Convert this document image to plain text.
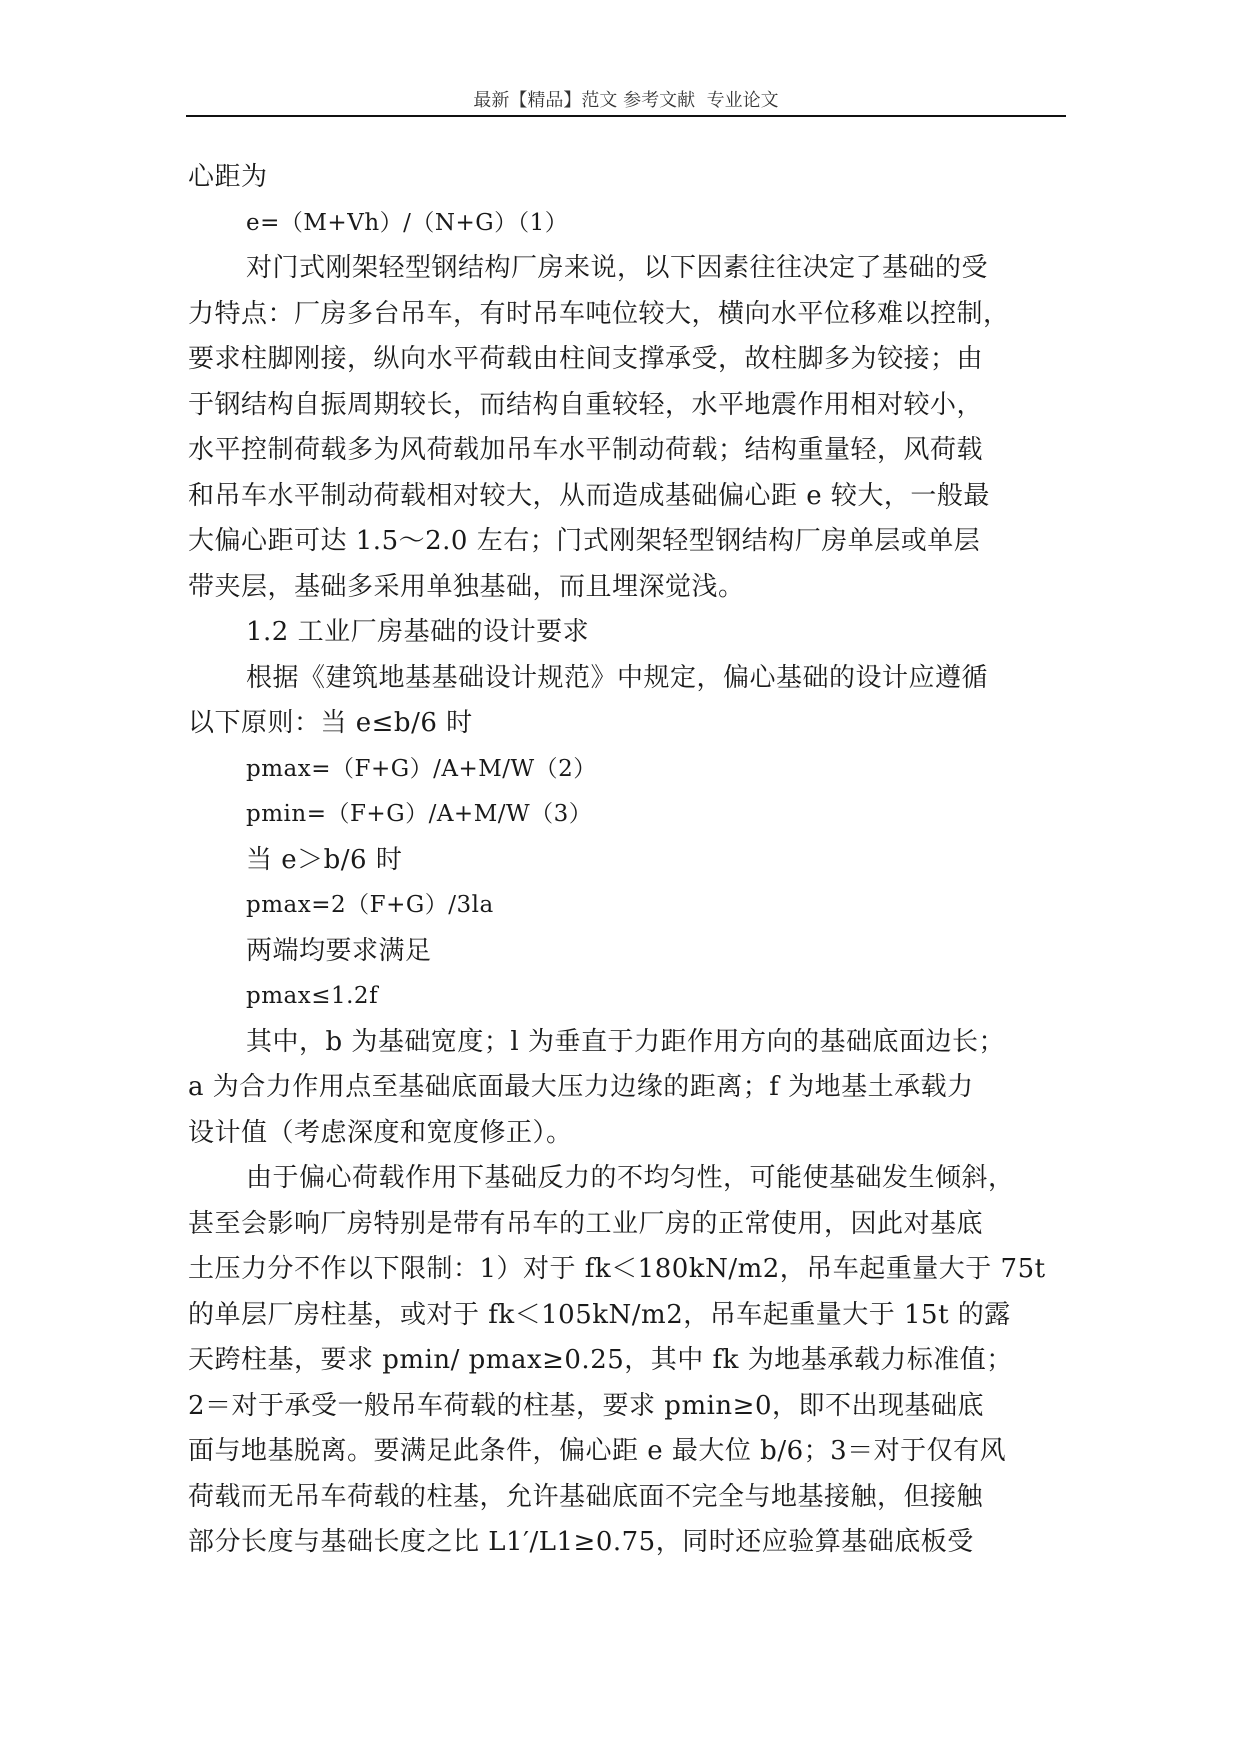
最新【精品】范文 参考文献  专业论文
心距为
e=（M+Vh）/（N+G）（1）
对门式刚架轻型钢结构厂房来说，以下因素往往决定了基础的受
力特点：厂房多台吊车，有时吊车吨位较大，横向水平位移难以控制，
要求柱脚刚接，纵向水平荷载由柱间支撑承受，故柱脚多为铰接；由
于钢结构自振周期较长，而结构自重较轻，水平地震作用相对较小，
水平控制荷载多为风荷载加吊车水平制动荷载；结构重量轻，风荷载
和吊车水平制动荷载相对较大，从而造成基础偏心距 e 较大，一般最
大偏心距可达 1.5～2.0 左右；门式刚架轻型钢结构厂房单层或单层
带夹层，基础多采用单独基础，而且埋深觉浅。
1.2 工业厂房基础的设计要求
根据《建筑地基基础设计规范》中规定，偏心基础的设计应遵循
以下原则：当 e≤b/6 时
pmax=（F+G）/A+M/W（2）
pmin=（F+G）/A+M/W（3）
当 e＞b/6 时
pmax=2（F+G）/3la
两端均要求满足
pmax≤1.2f
其中，b 为基础宽度；l 为垂直于力距作用方向的基础底面边长；
a 为合力作用点至基础底面最大压力边缘的距离；f 为地基土承载力
设计值（考虑深度和宽度修正）。
由于偏心荷载作用下基础反力的不均匀性，可能使基础发生倾斜，
甚至会影响厂房特别是带有吊车的工业厂房的正常使用，因此对基底
土压力分不作以下限制：1）对于 fk＜180kN/m2，吊车起重量大于 75t
的单层厂房柱基，或对于 fk＜105kN/m2，吊车起重量大于 15t 的露
天跨柱基，要求 pmin/ pmax≥0.25，其中 fk 为地基承载力标准值；
2＝对于承受一般吊车荷载的柱基，要求 pmin≥0，即不出现基础底
面与地基脱离。要满足此条件，偏心距 e 最大位 b/6；3＝对于仅有风
荷载而无吊车荷载的柱基，允许基础底面不完全与地基接触，但接触
部分长度与基础长度之比 L1′/L1≥0.75，同时还应验算基础底板受
